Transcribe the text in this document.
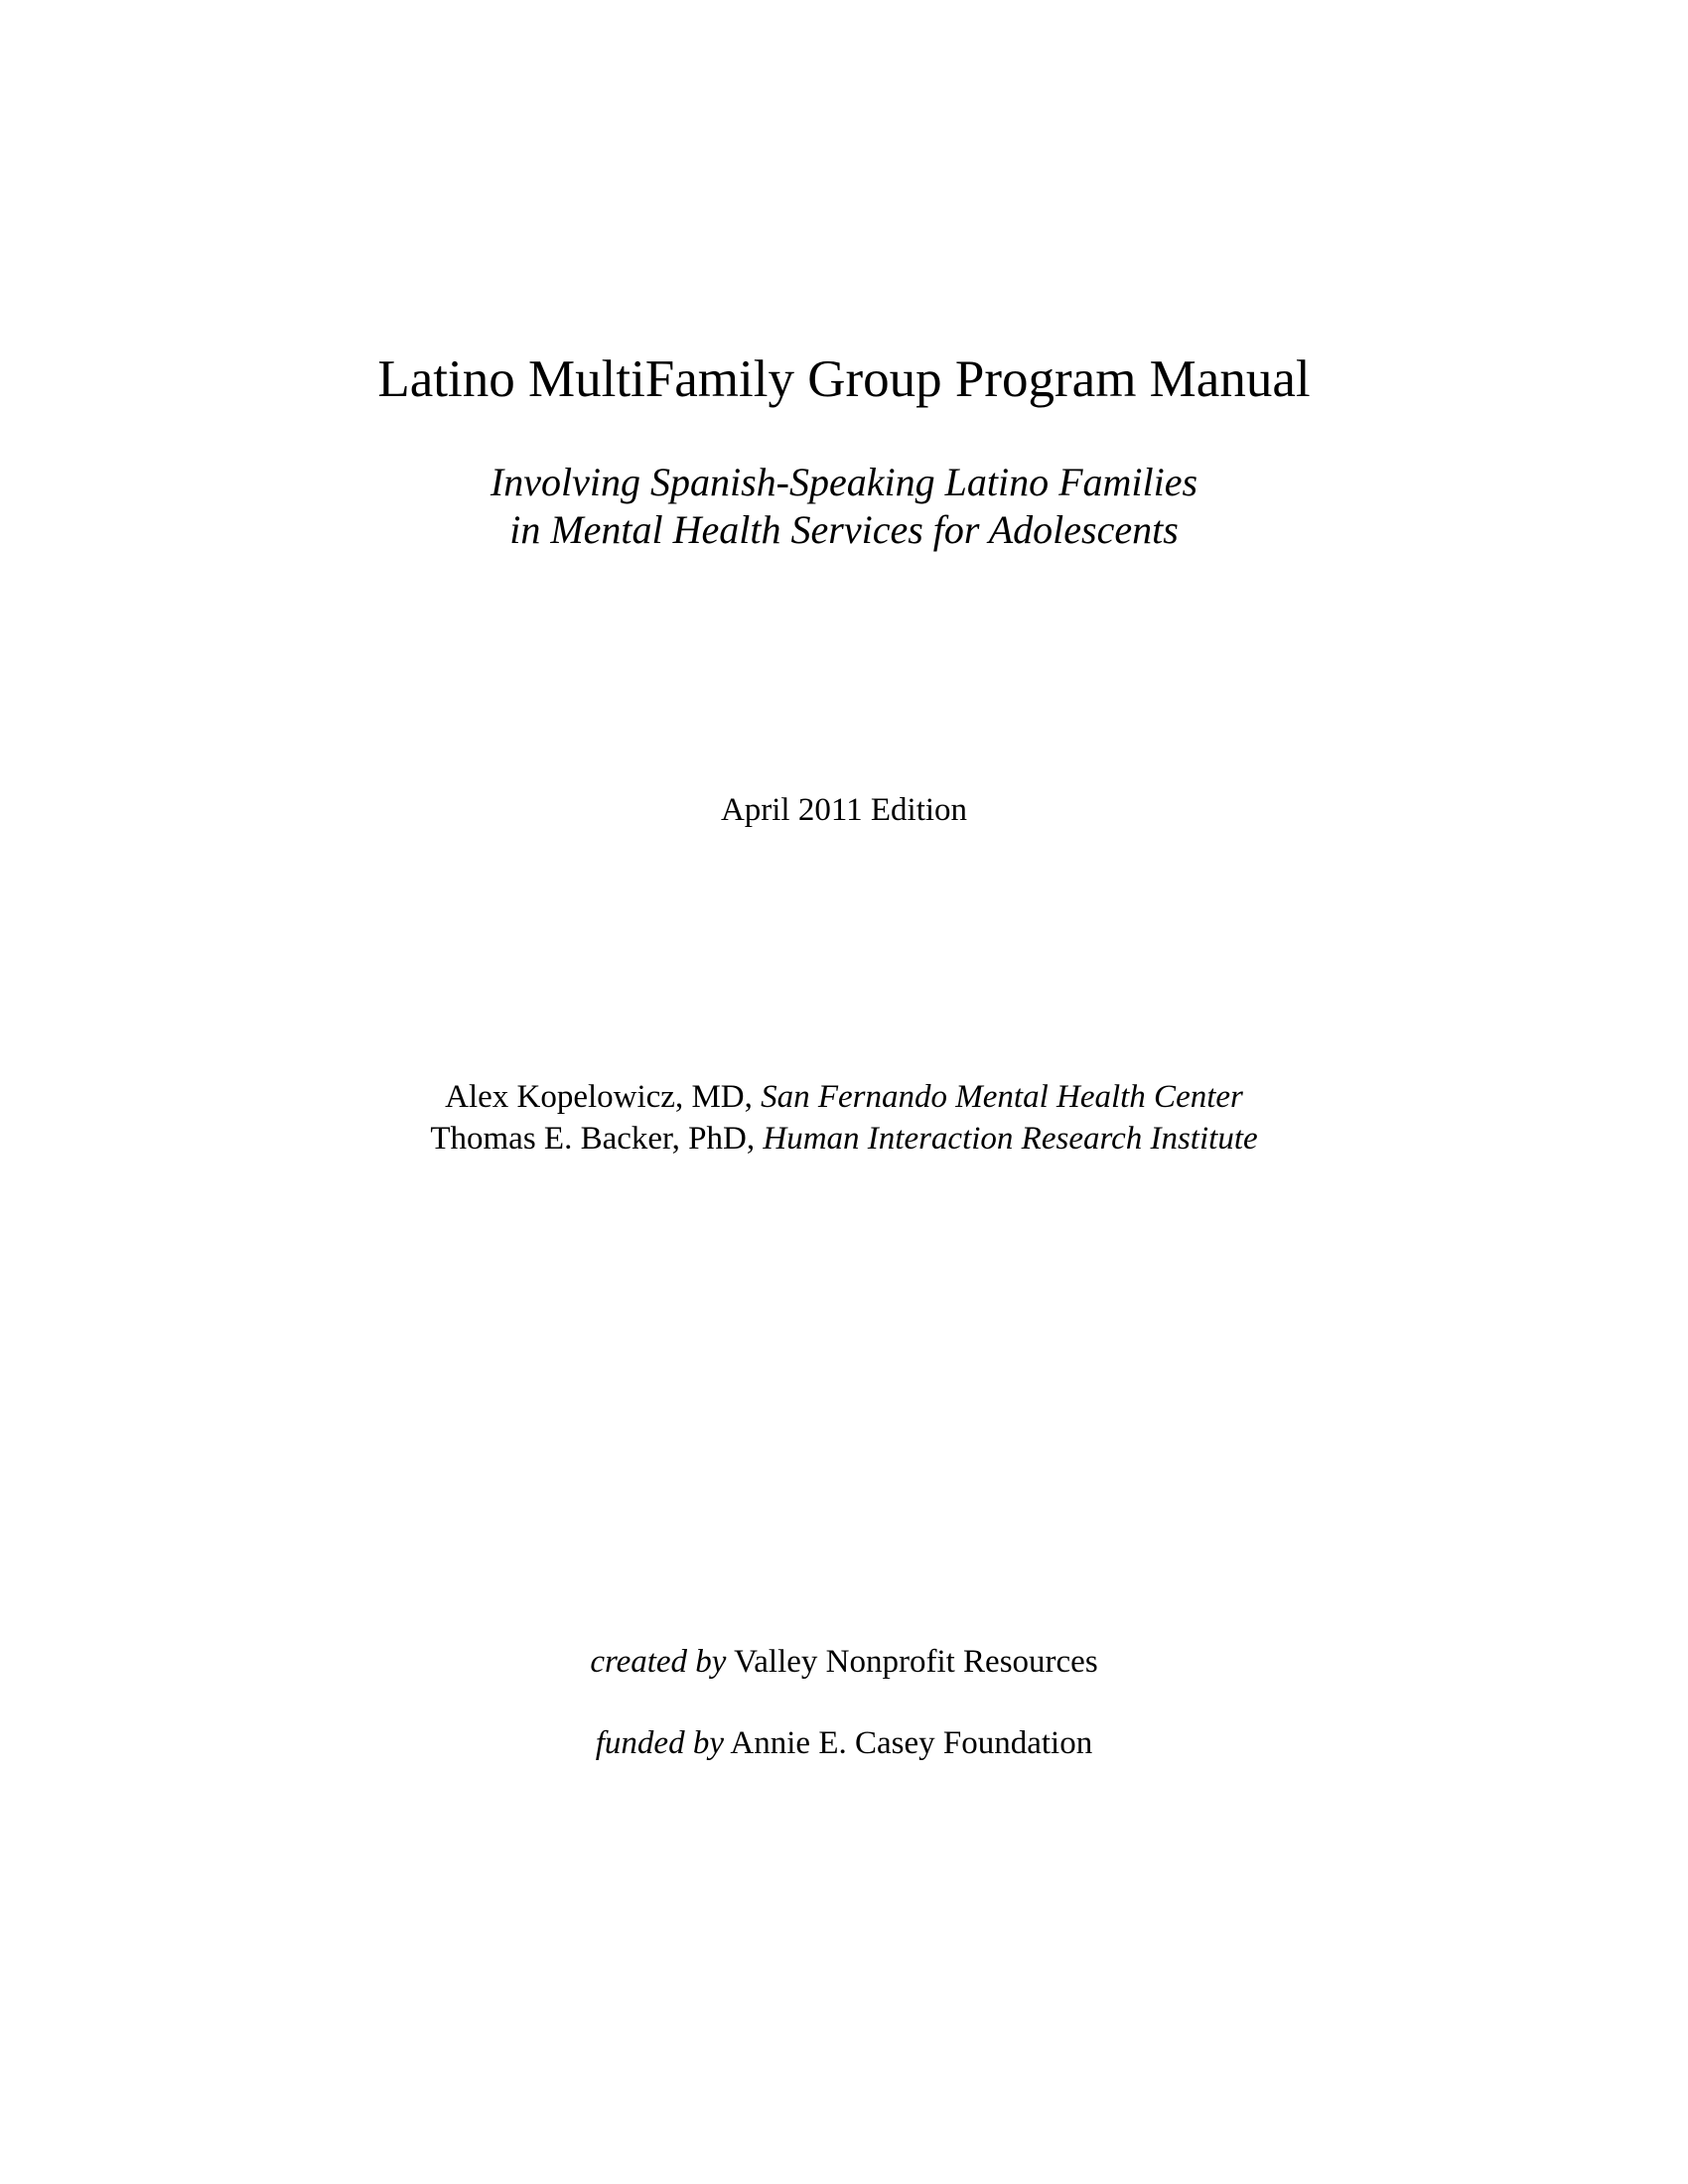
Latino MultiFamily Group Program Manual
Involving Spanish-Speaking Latino Families
in Mental Health Services for Adolescents
April 2011 Edition
Alex Kopelowicz, MD, San Fernando Mental Health Center
Thomas E. Backer, PhD, Human Interaction Research Institute
created by Valley Nonprofit Resources
funded by Annie E. Casey Foundation
